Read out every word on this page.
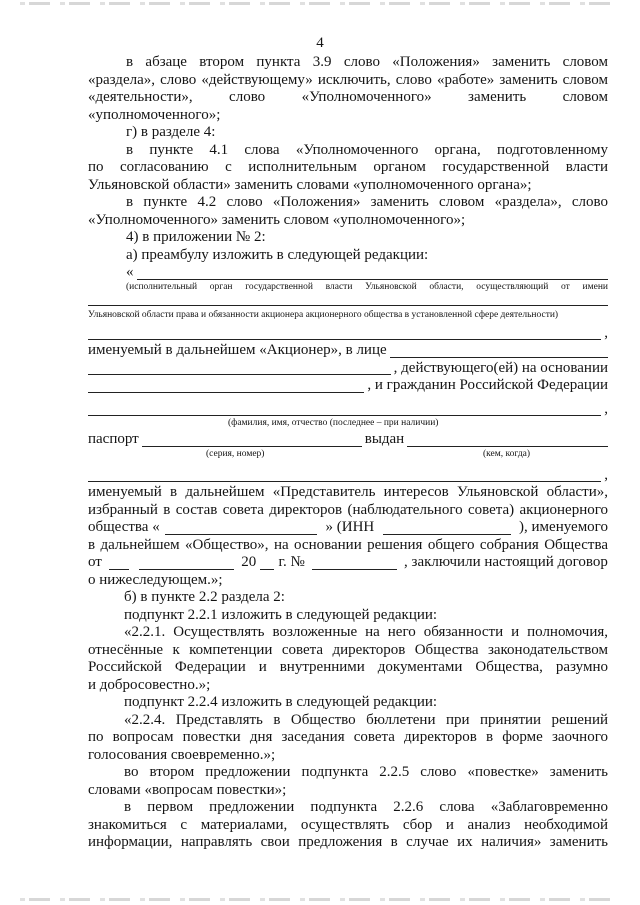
4

в абзаце втором пункта 3.9 слово «Положения» заменить словом

«раздела», слово «действующему» исключить, слово «работе» заменить словом

«деятельности», слово «Уполномоченного» заменить словом

«уполномоченного»;

г) в разделе 4:

в пункте 4.1 слова «Уполномоченного органа, подготовленному

по согласованию с исполнительным органом государственной власти

Ульяновской области» заменить словами «уполномоченного органа»;

в пункте 4.2 слово «Положения» заменить словом «раздела», слово

«Уполномоченного» заменить словом «уполномоченного»;

4) в приложении № 2:

а) преамбулу изложить в следующей редакции:

«

(исполнительный орган государственной власти Ульяновской области, осуществляющий от имени

Ульяновской области права и обязанности акционера акционерного общества в установленной сфере деятельности)

,
именуемый в дальнейшем «Акционер», в лице
, действующего(ей) на основании
, и гражданин Российской Федерации
,

(фамилия, имя, отчество (последнее – при наличии)

паспорт	выдан
(серия, номер)	(кем, когда)
,

именуемый в дальнейшем «Представитель интересов Ульяновской области»,

избранный в состав совета директоров (наблюдательного совета) акционерного

общества «	» (ИНН	), именуемого

в дальнейшем «Общество», на основании решения общего собрания Общества

от	20 г. №	, заключили настоящий договор

о нижеследующем.»;

б) в пункте 2.2 раздела 2:

подпункт 2.2.1 изложить в следующей редакции:

«2.2.1. Осуществлять возложенные на него обязанности и полномочия,

отнесённые к компетенции совета директоров Общества законодательством

Российской Федерации и внутренними документами Общества, разумно

и добросовестно.»;

подпункт 2.2.4 изложить в следующей редакции:

«2.2.4. Представлять в Общество бюллетени при принятии решений

по вопросам повестки дня заседания совета директоров в форме заочного

голосования своевременно.»;

во втором предложении подпункта 2.2.5 слово «повестке» заменить

словами «вопросам повестки»;

в первом предложении подпункта 2.2.6 слова «Заблаговременно

знакомиться с материалами, осуществлять сбор и анализ необходимой

информации, направлять свои предложения в случае их наличия» заменить
